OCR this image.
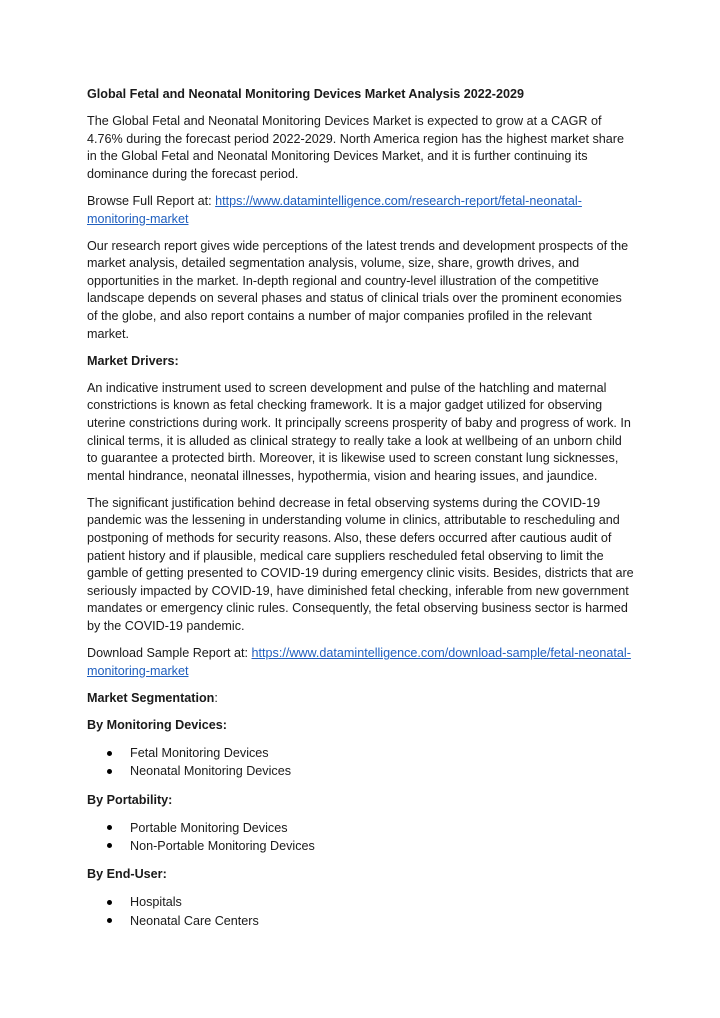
Global Fetal and Neonatal Monitoring Devices Market Analysis 2022-2029

The Global Fetal and Neonatal Monitoring Devices Market is expected to grow at a CAGR of 4.76% during the forecast period 2022-2029. North America region has the highest market share in the Global Fetal and Neonatal Monitoring Devices Market, and it is further continuing its dominance during the forecast period.

Browse Full Report at: https://www.datamintelligence.com/research-report/fetal-neonatal-monitoring-market

Our research report gives wide perceptions of the latest trends and development prospects of the market analysis, detailed segmentation analysis, volume, size, share, growth drives, and opportunities in the market. In-depth regional and country-level illustration of the competitive landscape depends on several phases and status of clinical trials over the prominent economies of the globe, and also report contains a number of major companies profiled in the relevant market.

Market Drivers:

An indicative instrument used to screen development and pulse of the hatchling and maternal constrictions is known as fetal checking framework. It is a major gadget utilized for observing uterine constrictions during work. It principally screens prosperity of baby and progress of work. In clinical terms, it is alluded as clinical strategy to really take a look at wellbeing of an unborn child to guarantee a protected birth. Moreover, it is likewise used to screen constant lung sicknesses, mental hindrance, neonatal illnesses, hypothermia, vision and hearing issues, and jaundice.

The significant justification behind decrease in fetal observing systems during the COVID-19 pandemic was the lessening in understanding volume in clinics, attributable to rescheduling and postponing of methods for security reasons. Also, these defers occurred after cautious audit of patient history and if plausible, medical care suppliers rescheduled fetal observing to limit the gamble of getting presented to COVID-19 during emergency clinic visits. Besides, districts that are seriously impacted by COVID-19, have diminished fetal checking, inferable from new government mandates or emergency clinic rules. Consequently, the fetal observing business sector is harmed by the COVID-19 pandemic.

Download Sample Report at: https://www.datamintelligence.com/download-sample/fetal-neonatal-monitoring-market

Market Segmentation:

By Monitoring Devices:

Fetal Monitoring Devices
Neonatal Monitoring Devices

By Portability:

Portable Monitoring Devices
Non-Portable Monitoring Devices

By End-User:

Hospitals
Neonatal Care Centers
